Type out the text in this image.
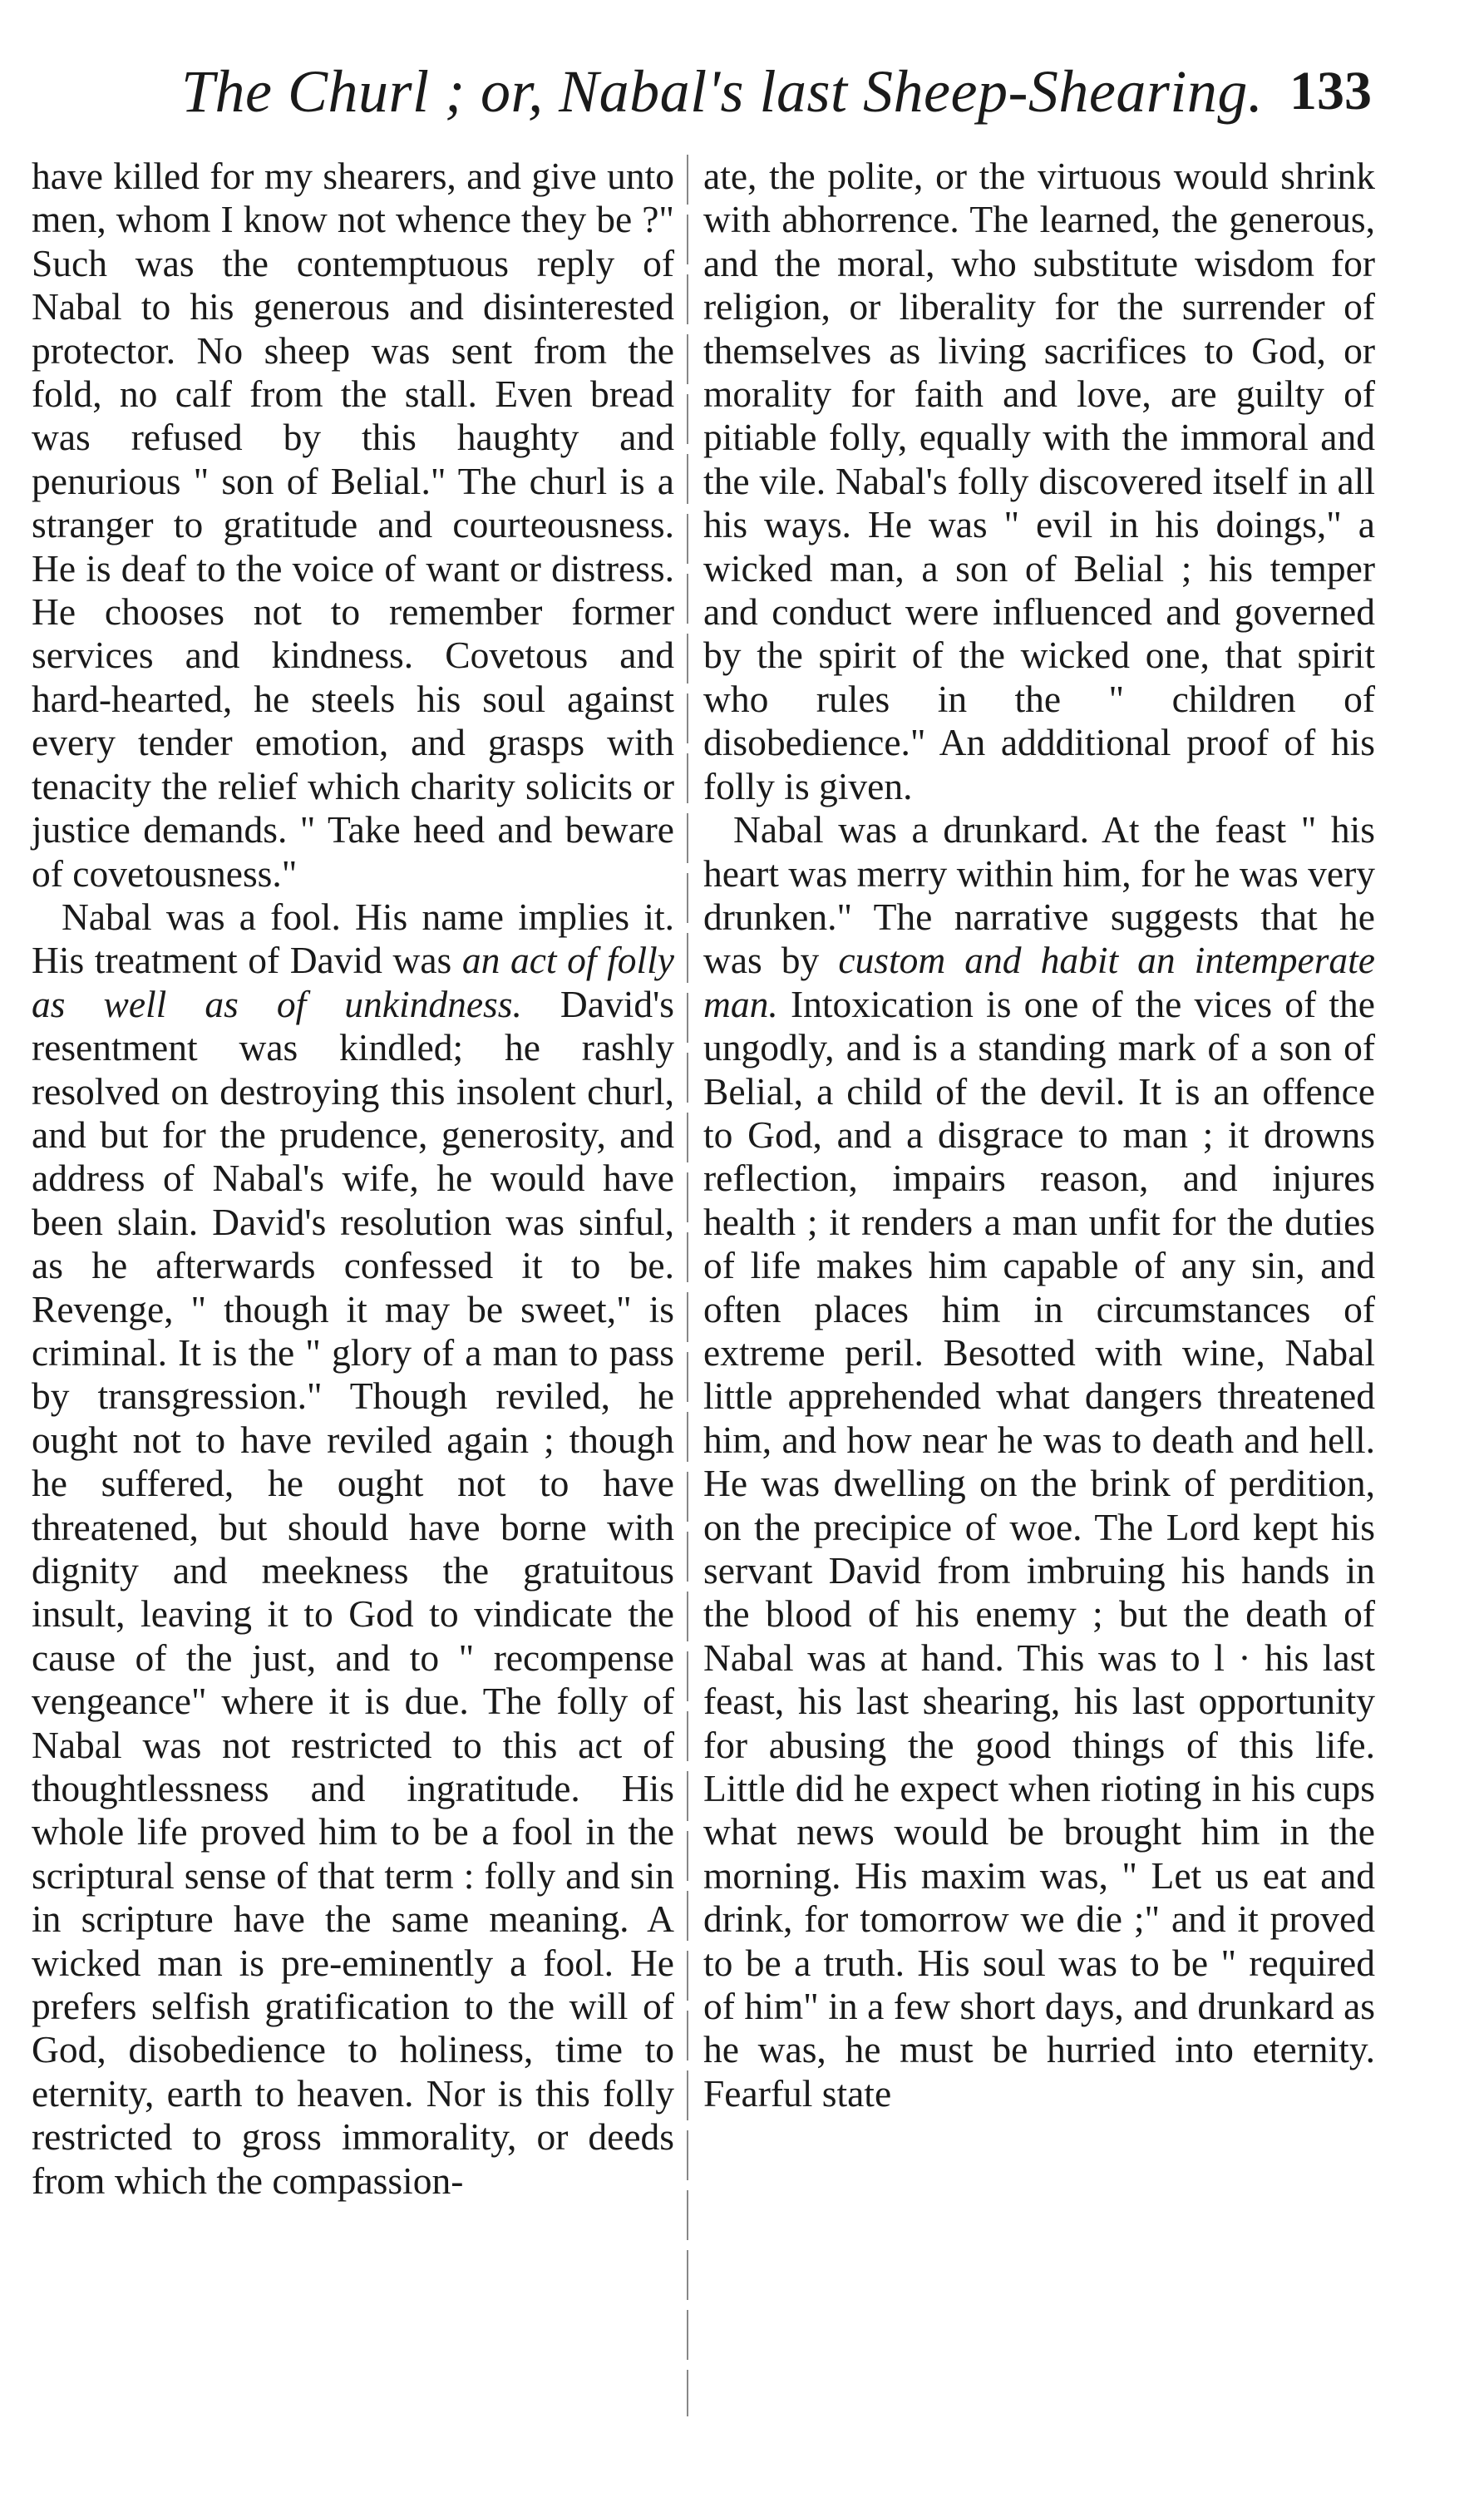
The Churl ; or, Nabal's last Sheep-Shearing. 133

have killed for my shearers, and give unto men, whom I know not whence they be ?" Such was the contemptuous reply of Nabal to his generous and disinterested protector. No sheep was sent from the fold, no calf from the stall. Even bread was refused by this haughty and penurious " son of Belial." The churl is a stranger to gratitude and courteousness. He is deaf to the voice of want or distress. He chooses not to remember former services and kindness. Covetous and hard-hearted, he steels his soul against every tender emotion, and grasps with tenacity the relief which charity solicits or justice demands. " Take heed and beware of covetousness."

Nabal was a fool. His name implies it. His treatment of David was an act of folly as well as of unkindness. David's resentment was kindled; he rashly resolved on destroying this insolent churl, and but for the prudence, generosity, and address of Nabal's wife, he would have been slain. David's resolution was sinful, as he afterwards confessed it to be. Revenge, " though it may be sweet," is criminal. It is the " glory of a man to pass by transgression." Though reviled, he ought not to have reviled again ; though he suffered, he ought not to have threatened, but should have borne with dignity and meekness the gratuitous insult, leaving it to God to vindicate the cause of the just, and to " recompense vengeance" where it is due. The folly of Nabal was not restricted to this act of thoughtlessness and ingratitude. His whole life proved him to be a fool in the scriptural sense of that term : folly and sin in scripture have the same meaning. A wicked man is pre-eminently a fool. He prefers selfish gratification to the will of God, disobedience to holiness, time to eternity, earth to heaven. Nor is this folly restricted to gross immorality, or deeds from which the compassion-

ate, the polite, or the virtuous would shrink with abhorrence. The learned, the generous, and the moral, who substitute wisdom for religion, or liberality for the surrender of themselves as living sacrifices to God, or morality for faith and love, are guilty of pitiable folly, equally with the immoral and the vile. Nabal's folly discovered itself in all his ways. He was " evil in his doings," a wicked man, a son of Belial ; his temper and conduct were influenced and governed by the spirit of the wicked one, that spirit who rules in the " children of disobedience." An addditional proof of his folly is given.

Nabal was a drunkard. At the feast " his heart was merry within him, for he was very drunken." The narrative suggests that he was by custom and habit an intemperate man. Intoxication is one of the vices of the ungodly, and is a standing mark of a son of Belial, a child of the devil. It is an offence to God, and a disgrace to man ; it drowns reflection, impairs reason, and injures health ; it renders a man unfit for the duties of life makes him capable of any sin, and often places him in circumstances of extreme peril. Besotted with wine, Nabal little apprehended what dangers threatened him, and how near he was to death and hell. He was dwelling on the brink of perdition, on the precipice of woe. The Lord kept his servant David from imbruing his hands in the blood of his enemy ; but the death of Nabal was at hand. This was to l · his last feast, his last shearing, his last opportunity for abusing the good things of this life. Little did he expect when rioting in his cups what news would be brought him in the morning. His maxim was, " Let us eat and drink, for tomorrow we die ;" and it proved to be a truth. His soul was to be " required of him" in a few short days, and drunkard as he was, he must be hurried into eternity. Fearful state
